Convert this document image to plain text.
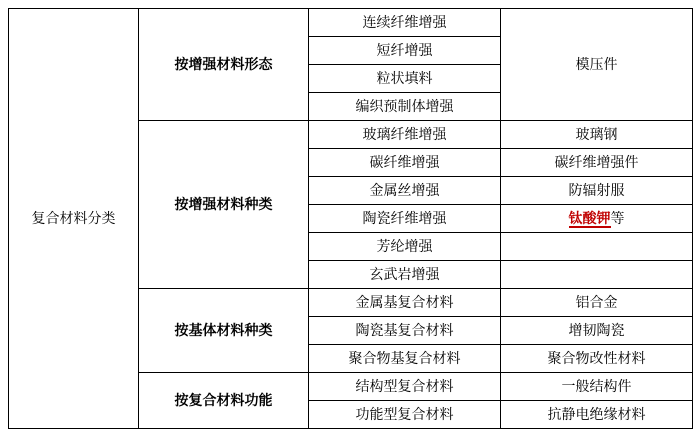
复合材料分类	按增强材料形态	连续纤维增强	模压件
		短纤增强	
		粒状填料	
		编织预制体增强	
	按增强材料种类	玻璃纤维增强	玻璃钢
		碳纤维增强	碳纤维增强件
		金属丝增强	防辐射服
		陶瓷纤维增强	钛酸钾等
		芳纶增强	
		玄武岩增强	
	按基体材料种类	金属基复合材料	铝合金
		陶瓷基复合材料	增韧陶瓷
		聚合物基复合材料	聚合物改性材料
	按复合材料功能	结构型复合材料	一般结构件
		功能型复合材料	抗静电绝缘材料
